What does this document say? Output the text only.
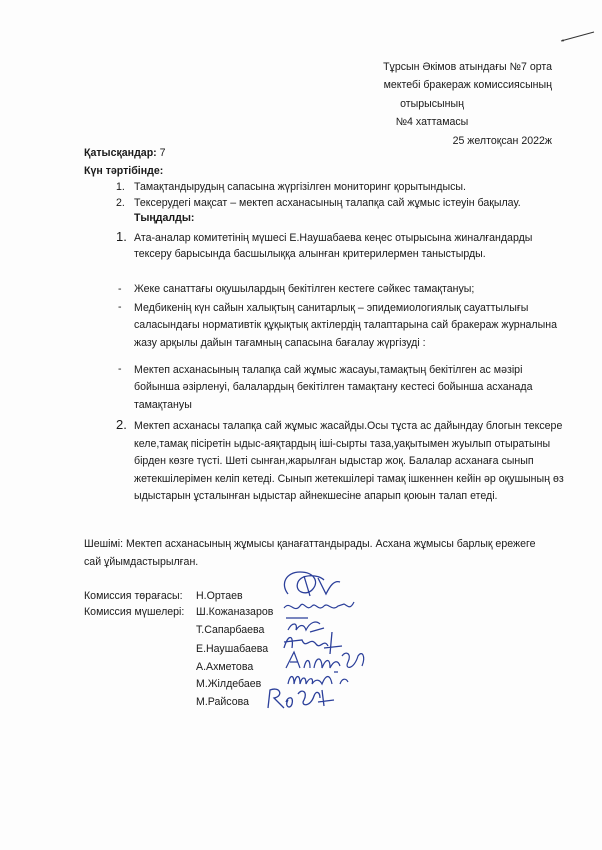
Тұрсын Әкімов атындағы №7 орта
мектебі бракераж комиссиясының
отырысының
№4 хаттамасы
25 желтоқсан 2022ж
Қатысқандар: 7
Күн тәртібінде:
1. Тамақтандырудың сапасына жүргізілген мониторинг қорытындысы.
2. Тексерудегі мақсат – мектеп асханасының талапқа сай жұмыс істеуін бақылау.
Тыңдалды:
1. Ата-аналар комитетінің мүшесі Е.Наушабаева кеңес отырысына жиналғандарды тексеру барысында басшылыққа алынған критерилермен таныстырды.
- Жеке санаттағы оқушылардың бекітілген кестеге сәйкес тамақтануы;
- Медбикенің күн сайын халықтың санитарлық – эпидемиологиялық сауаттылығы саласындағы нормативтік құқықтық актілердің талаптарына сай бракераж журналына жазу арқылы дайын тағамның сапасына бағалау жүргізуді :
- Мектеп асханасының талапқа сай жұмыс жасауы,тамақтың бекітілген ас мәзірі бойынша әзірленуі, балалардың бекітілген тамақтану кестесі бойынша асханада тамақтануы
2. Мектеп асханасы талапқа сай жұмыс жасайды.Осы тұста ас дайындау блогын тексере келе,тамақ пісіретін ыдыс-аяқтардың іші-сырты таза,уақытымен жуылып отыратыны бірден көзге түсті. Шеті сынған,жарылған ыдыстар жоқ. Балалар асханаға сынып жетекшілерімен келіп кетеді. Сынып жетекшілері тамақ ішкеннен кейін әр оқушының өз ыдыстарын ұсталынған ыдыстар айнекшесіне апарып қоюын талап етеді.
Шешімі: Мектеп асханасының жұмысы қанағаттандырады. Асхана жұмысы барлық ережеге сай ұйымдастырылған.
Комиссия төрағасы: Н.Ортаев
Комиссия мүшелері: Ш.Кожаназаров
Т.Сапарбаева
Е.Наушабаева
А.Ахметова
М.Жілдебаев
М.Райсова
